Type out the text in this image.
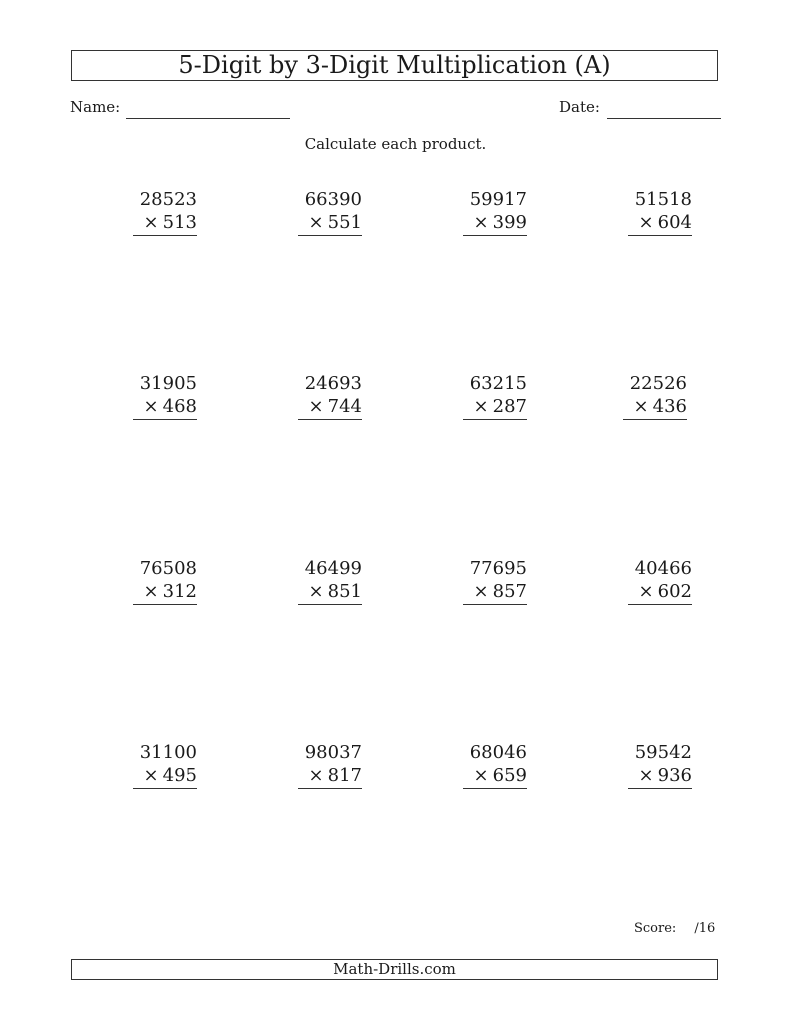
5-Digit by 3-Digit Multiplication (A)
Name:	Date:
Calculate each product.
28523
× 513
66390
× 551
59917
× 399
51518
× 604
31905
× 468
24693
× 744
63215
× 287
22526
× 436
76508
× 312
46499
× 851
77695
× 857
40466
× 602
31100
× 495
98037
× 817
68046
× 659
59542
× 936
Score: /16
Math-Drills.com
